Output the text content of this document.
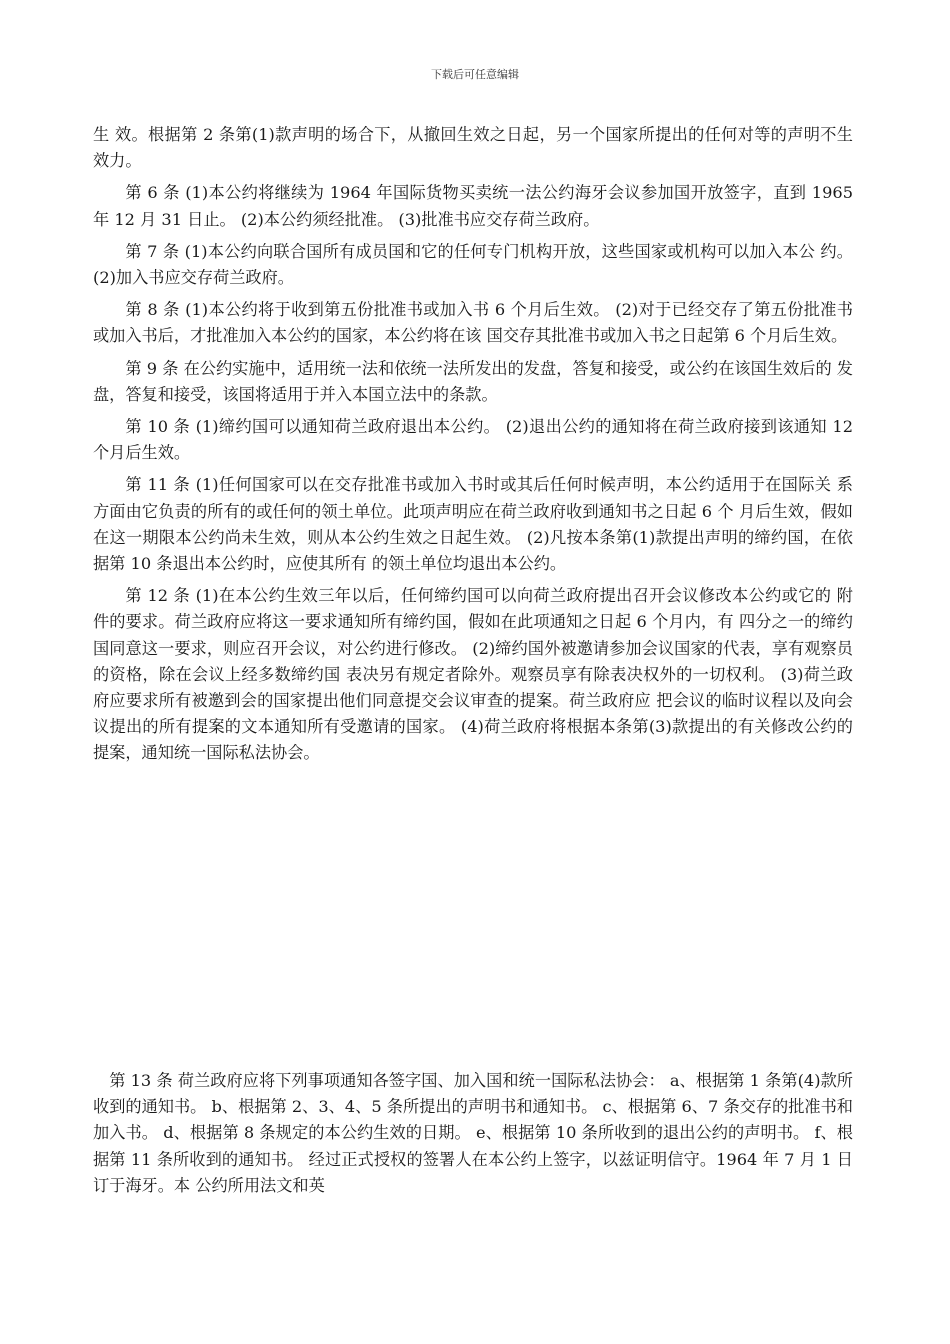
下载后可任意编辑

生 效。根据第 2 条第(1)款声明的场合下，从撤回生效之日起，另一个国家所提出的任何对等的声明不生效力。

第 6 条 (1)本公约将继续为 1964 年国际货物买卖统一法公约海牙会议参加国开放签字，直到 1965 年 12 月 31 日止。 (2)本公约须经批准。 (3)批准书应交存荷兰政府。

第 7 条 (1)本公约向联合国所有成员国和它的任何专门机构开放，这些国家或机构可以加入本公 约。 (2)加入书应交存荷兰政府。

第 8 条 (1)本公约将于收到第五份批准书或加入书 6 个月后生效。 (2)对于已经交存了第五份批准书或加入书后，才批准加入本公约的国家，本公约将在该 国交存其批准书或加入书之日起第 6 个月后生效。

第 9 条 在公约实施中，适用统一法和依统一法所发出的发盘，答复和接受，或公约在该国生效后的 发盘，答复和接受，该国将适用于并入本国立法中的条款。

第 10 条 (1)缔约国可以通知荷兰政府退出本公约。 (2)退出公约的通知将在荷兰政府接到该通知 12 个月后生效。

第 11 条 (1)任何国家可以在交存批准书或加入书时或其后任何时候声明，本公约适用于在国际关 系方面由它负责的所有的或任何的领土单位。此项声明应在荷兰政府收到通知书之日起 6 个 月后生效，假如在这一期限本公约尚未生效，则从本公约生效之日起生效。 (2)凡按本条第(1)款提出声明的缔约国，在依据第 10 条退出本公约时，应使其所有 的领土单位均退出本公约。

第 12 条 (1)在本公约生效三年以后，任何缔约国可以向荷兰政府提出召开会议修改本公约或它的 附件的要求。荷兰政府应将这一要求通知所有缔约国，假如在此项通知之日起 6 个月内，有 四分之一的缔约国同意这一要求，则应召开会议，对公约进行修改。 (2)缔约国外被邀请参加会议国家的代表，享有观察员的资格，除在会议上经多数缔约国 表决另有规定者除外。观察员享有除表决权外的一切权利。 (3)荷兰政府应要求所有被邀到会的国家提出他们同意提交会议审查的提案。荷兰政府应 把会议的临时议程以及向会议提出的所有提案的文本通知所有受邀请的国家。 (4)荷兰政府将根据本条第(3)款提出的有关修改公约的提案，通知统一国际私法协会。

第 13 条 荷兰政府应将下列事项通知各签字国、加入国和统一国际私法协会： a、根据第 1 条第(4)款所收到的通知书。 b、根据第 2、3、4、5 条所提出的声明书和通知书。 c、根据第 6、7 条交存的批准书和加入书。 d、根据第 8 条规定的本公约生效的日期。 e、根据第 10 条所收到的退出公约的声明书。 f、根据第 11 条所收到的通知书。 经过正式授权的签署人在本公约上签字，以兹证明信守。1964 年 7 月 1 日订于海牙。本 公约所用法文和英
